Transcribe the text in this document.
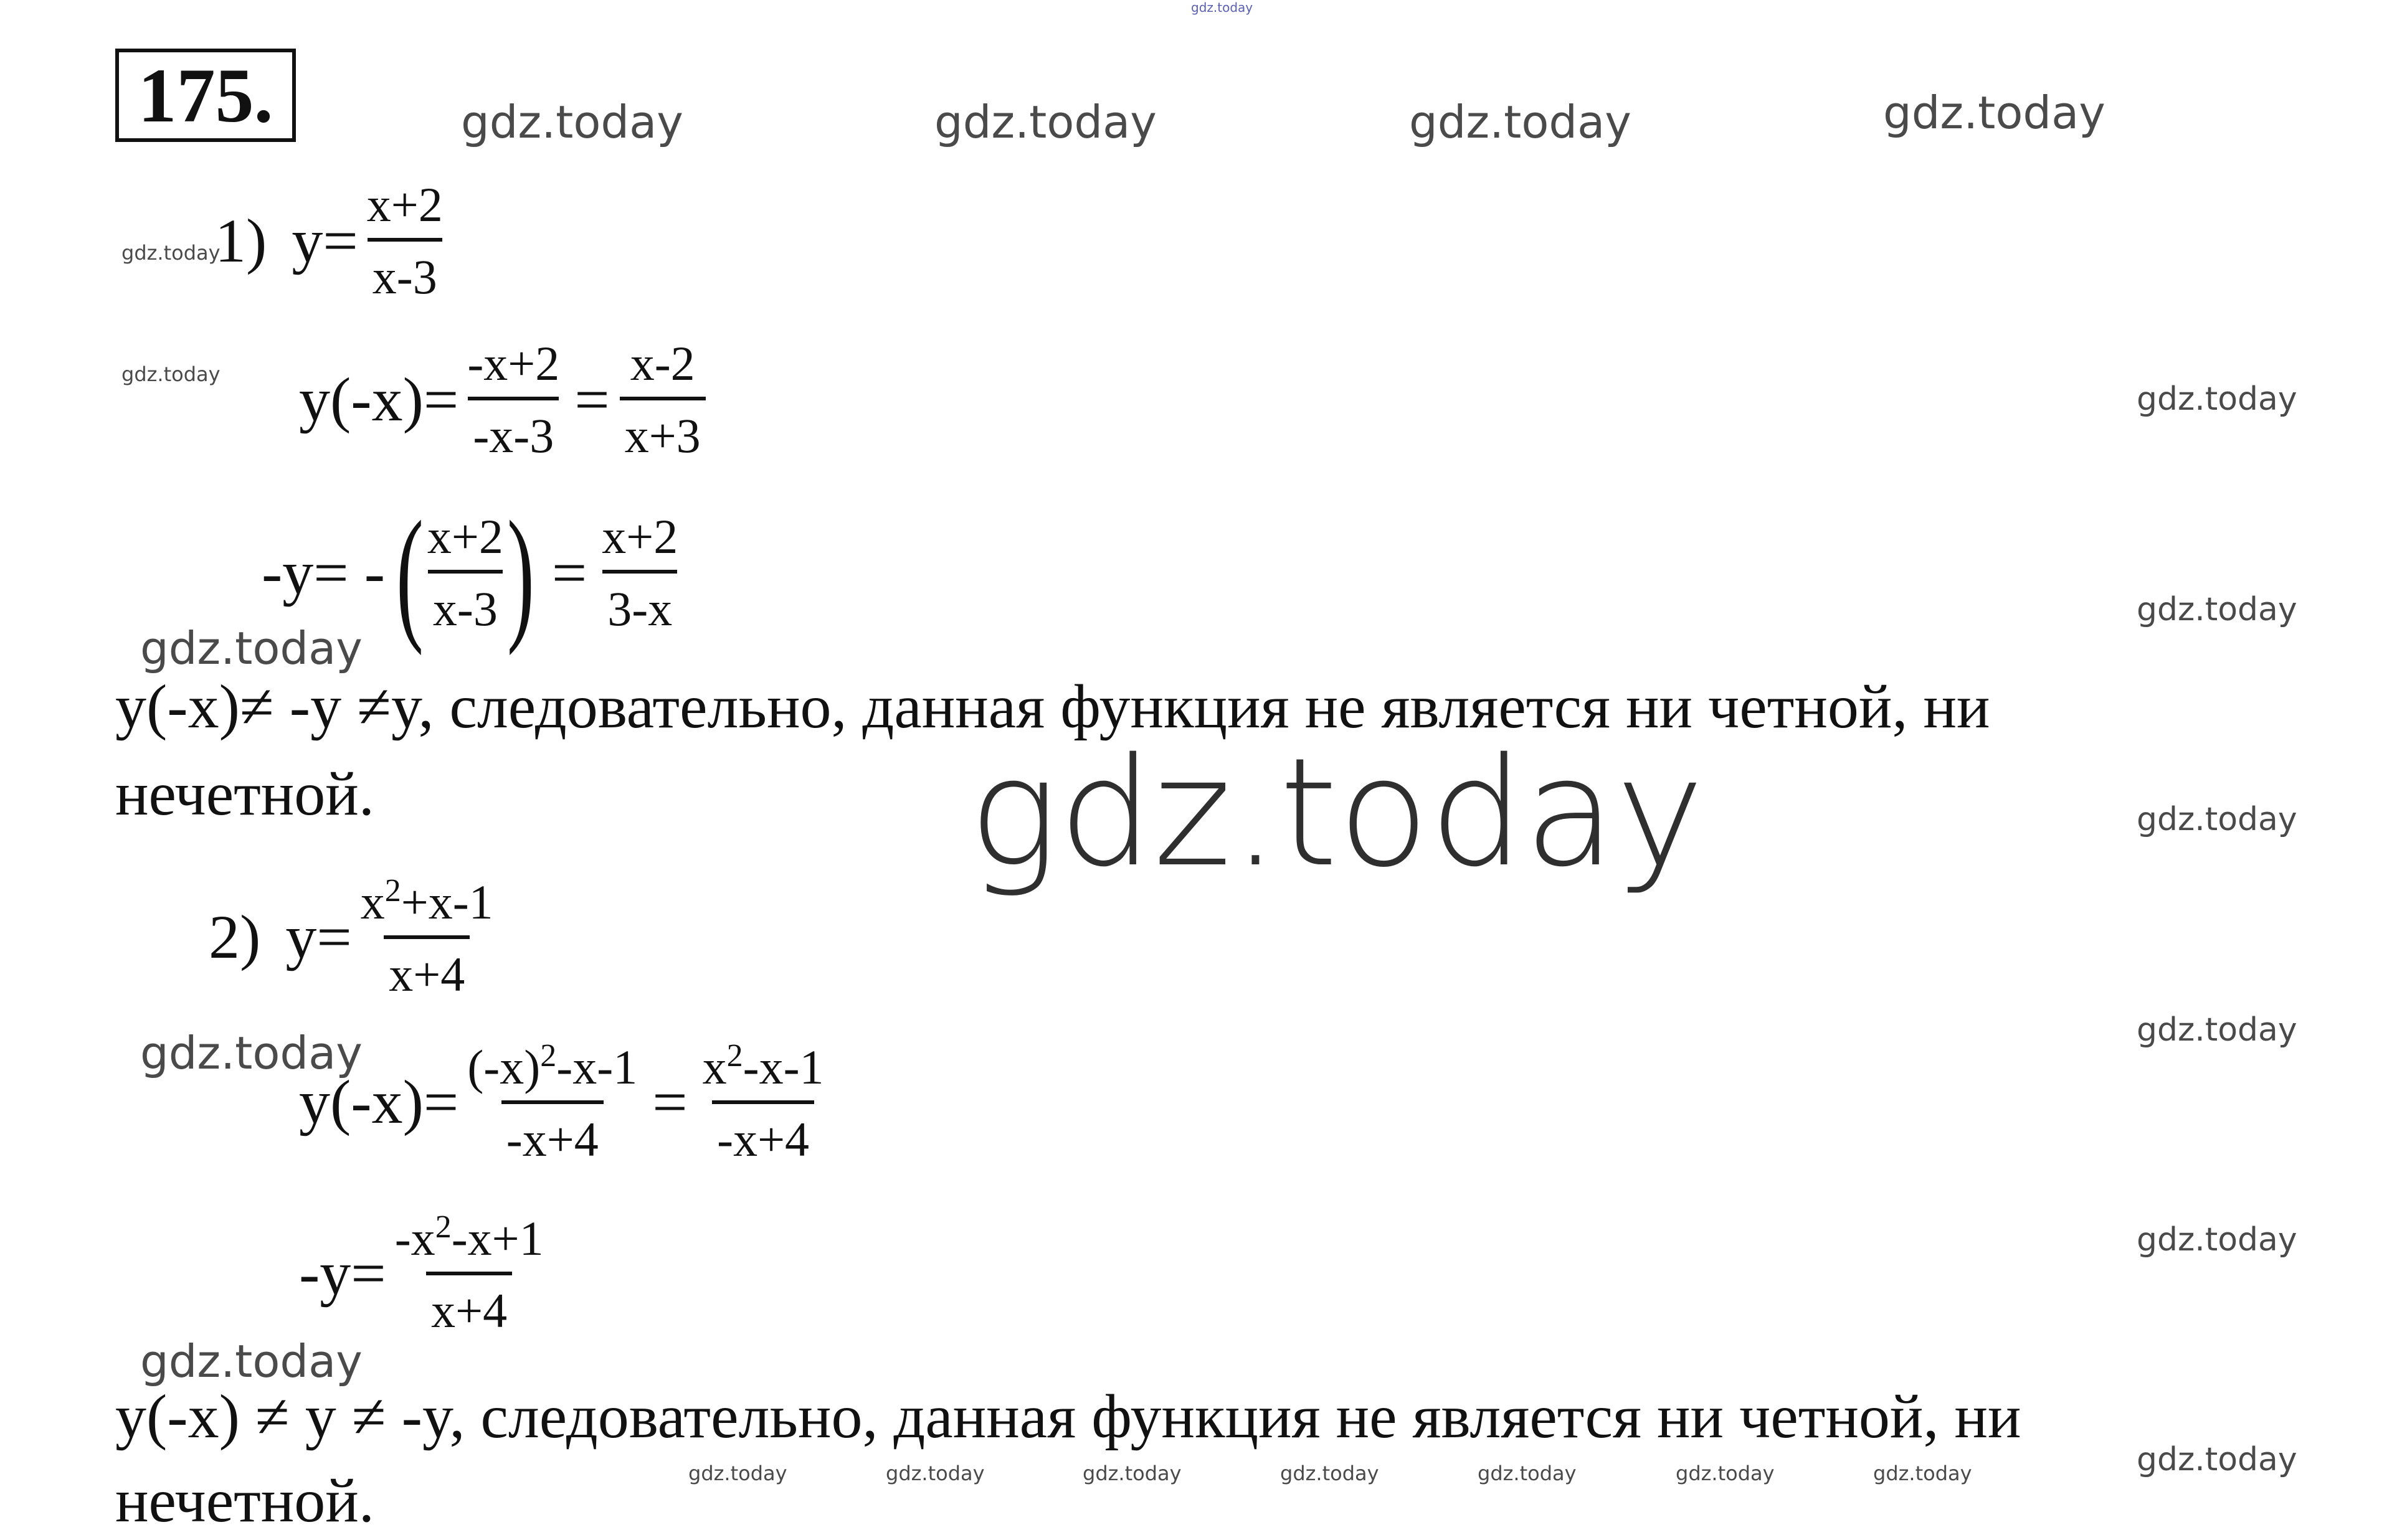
gdz.today
gdz.today	gdz.today	gdz.today	gdz.today
gdz.today
gdz.today
gdz.today
gdz.today
gdz.today
gdz.today	gdz.today
gdz.today
gdz.today
gdz.today
gdz.today
gdz.today
gdz.today	gdz.today	gdz.today	gdz.today	gdz.today	gdz.today	gdz.today
175.
1) $y= \frac{x+2}{x-3}$
$y(-x)= \frac{-x+2}{-x-3} = \frac{x-2}{x+3}$
-y= - (
$\frac{x+2}{x-3}$
) = $\frac{x+2}{3-x}$
y(-x)≠ -y ≠y, следовательно, данная функция не является ни четной, ни
нечетной.
2) $y= \frac{x^2+x-1}{x+4}$
$y(-x)= \frac{(-x)^2-x-1}{-x+4} = \frac{x^2-x-1}{-x+4}$
$-y= \frac{-x^2-x+1}{x+4}$
y(-x) ≠ y ≠ -y, следовательно, данная функция не является ни четной, ни
нечетной.
